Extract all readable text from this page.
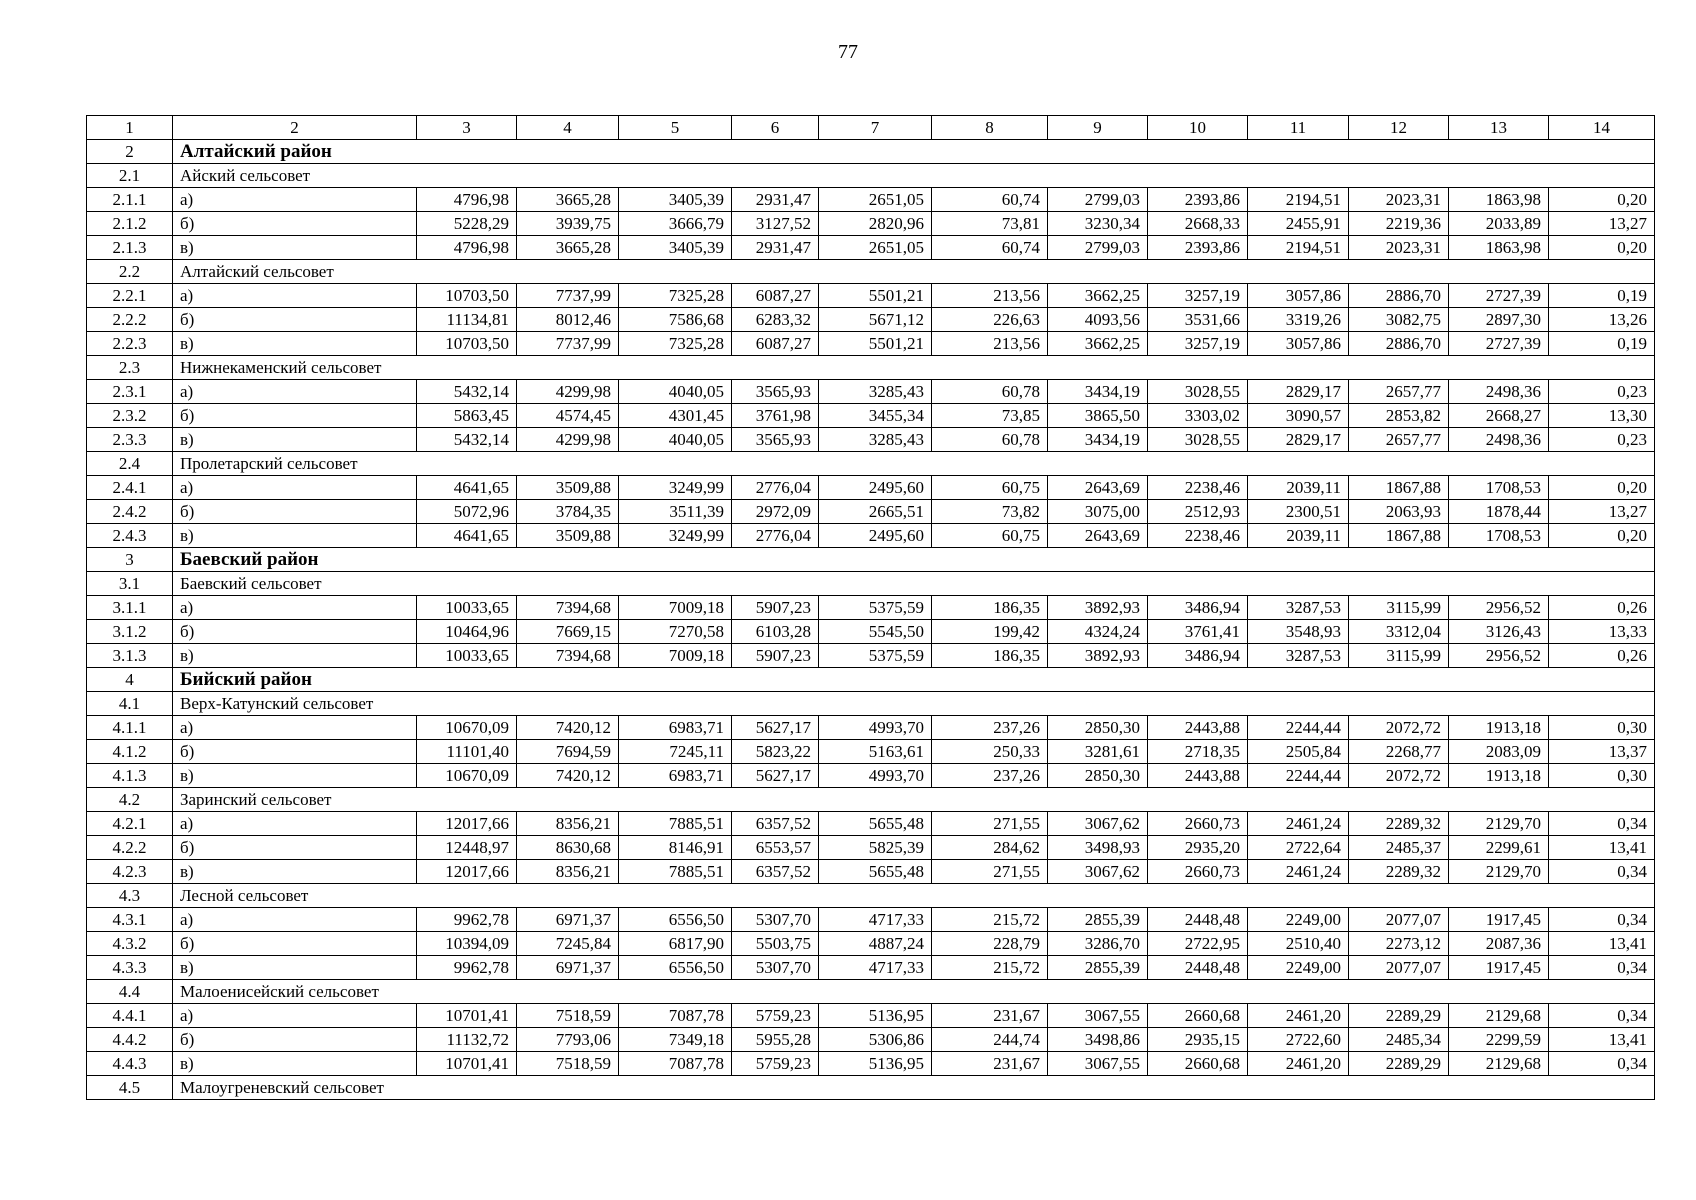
77
1	2	3	4	5	6	7	8	9	10	11	12	13	14
2	Алтайский район												
2.1	Айский сельсовет												
2.1.1	а)	4796,98	3665,28	3405,39	2931,47	2651,05	60,74	2799,03	2393,86	2194,51	2023,31	1863,98	0,20
2.1.2	б)	5228,29	3939,75	3666,79	3127,52	2820,96	73,81	3230,34	2668,33	2455,91	2219,36	2033,89	13,27
2.1.3	в)	4796,98	3665,28	3405,39	2931,47	2651,05	60,74	2799,03	2393,86	2194,51	2023,31	1863,98	0,20
2.2	Алтайский сельсовет												
2.2.1	а)	10703,50	7737,99	7325,28	6087,27	5501,21	213,56	3662,25	3257,19	3057,86	2886,70	2727,39	0,19
2.2.2	б)	11134,81	8012,46	7586,68	6283,32	5671,12	226,63	4093,56	3531,66	3319,26	3082,75	2897,30	13,26
2.2.3	в)	10703,50	7737,99	7325,28	6087,27	5501,21	213,56	3662,25	3257,19	3057,86	2886,70	2727,39	0,19
2.3	Нижнекаменский сельсовет												
2.3.1	а)	5432,14	4299,98	4040,05	3565,93	3285,43	60,78	3434,19	3028,55	2829,17	2657,77	2498,36	0,23
2.3.2	б)	5863,45	4574,45	4301,45	3761,98	3455,34	73,85	3865,50	3303,02	3090,57	2853,82	2668,27	13,30
2.3.3	в)	5432,14	4299,98	4040,05	3565,93	3285,43	60,78	3434,19	3028,55	2829,17	2657,77	2498,36	0,23
2.4	Пролетарский сельсовет												
2.4.1	а)	4641,65	3509,88	3249,99	2776,04	2495,60	60,75	2643,69	2238,46	2039,11	1867,88	1708,53	0,20
2.4.2	б)	5072,96	3784,35	3511,39	2972,09	2665,51	73,82	3075,00	2512,93	2300,51	2063,93	1878,44	13,27
2.4.3	в)	4641,65	3509,88	3249,99	2776,04	2495,60	60,75	2643,69	2238,46	2039,11	1867,88	1708,53	0,20
3	Баевский район												
3.1	Баевский сельсовет												
3.1.1	а)	10033,65	7394,68	7009,18	5907,23	5375,59	186,35	3892,93	3486,94	3287,53	3115,99	2956,52	0,26
3.1.2	б)	10464,96	7669,15	7270,58	6103,28	5545,50	199,42	4324,24	3761,41	3548,93	3312,04	3126,43	13,33
3.1.3	в)	10033,65	7394,68	7009,18	5907,23	5375,59	186,35	3892,93	3486,94	3287,53	3115,99	2956,52	0,26
4	Бийский район												
4.1	Верх-Катунский сельсовет												
4.1.1	а)	10670,09	7420,12	6983,71	5627,17	4993,70	237,26	2850,30	2443,88	2244,44	2072,72	1913,18	0,30
4.1.2	б)	11101,40	7694,59	7245,11	5823,22	5163,61	250,33	3281,61	2718,35	2505,84	2268,77	2083,09	13,37
4.1.3	в)	10670,09	7420,12	6983,71	5627,17	4993,70	237,26	2850,30	2443,88	2244,44	2072,72	1913,18	0,30
4.2	Заринский сельсовет												
4.2.1	а)	12017,66	8356,21	7885,51	6357,52	5655,48	271,55	3067,62	2660,73	2461,24	2289,32	2129,70	0,34
4.2.2	б)	12448,97	8630,68	8146,91	6553,57	5825,39	284,62	3498,93	2935,20	2722,64	2485,37	2299,61	13,41
4.2.3	в)	12017,66	8356,21	7885,51	6357,52	5655,48	271,55	3067,62	2660,73	2461,24	2289,32	2129,70	0,34
4.3	Лесной сельсовет												
4.3.1	а)	9962,78	6971,37	6556,50	5307,70	4717,33	215,72	2855,39	2448,48	2249,00	2077,07	1917,45	0,34
4.3.2	б)	10394,09	7245,84	6817,90	5503,75	4887,24	228,79	3286,70	2722,95	2510,40	2273,12	2087,36	13,41
4.3.3	в)	9962,78	6971,37	6556,50	5307,70	4717,33	215,72	2855,39	2448,48	2249,00	2077,07	1917,45	0,34
4.4	Малоенисейский сельсовет												
4.4.1	а)	10701,41	7518,59	7087,78	5759,23	5136,95	231,67	3067,55	2660,68	2461,20	2289,29	2129,68	0,34
4.4.2	б)	11132,72	7793,06	7349,18	5955,28	5306,86	244,74	3498,86	2935,15	2722,60	2485,34	2299,59	13,41
4.4.3	в)	10701,41	7518,59	7087,78	5759,23	5136,95	231,67	3067,55	2660,68	2461,20	2289,29	2129,68	0,34
4.5	Малоугреневский сельсовет												
